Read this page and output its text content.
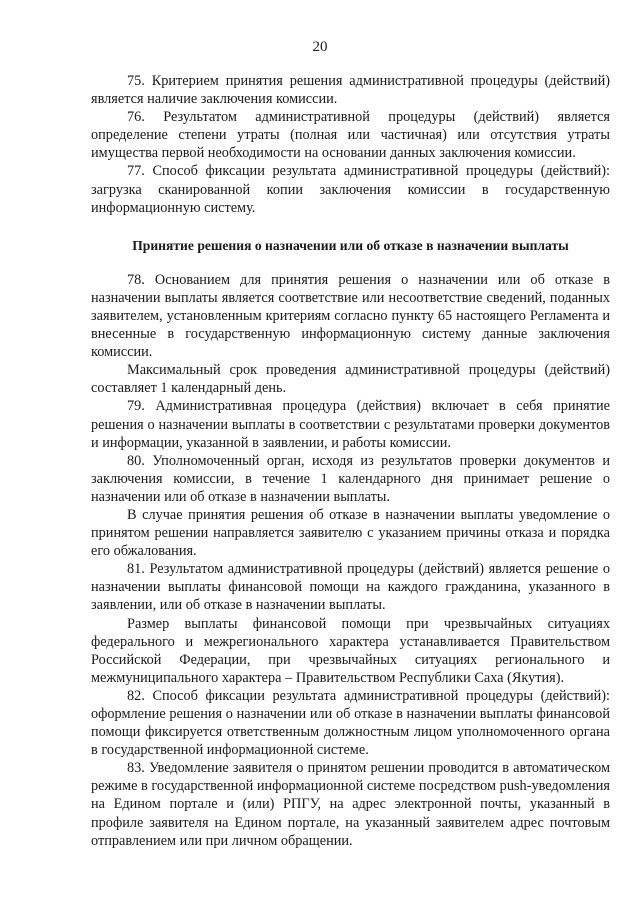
20

75. Критерием принятия решения административной процедуры (действий) является наличие заключения комиссии.

76. Результатом административной процедуры (действий) является определение степени утраты (полная или частичная) или отсутствия утраты имущества первой необходимости на основании данных заключения комиссии.

77. Способ фиксации результата административной процедуры (действий): загрузка сканированной копии заключения комиссии в государственную информационную систему.

Принятие решения о назначении или об отказе в назначении выплаты

78. Основанием для принятия решения о назначении или об отказе в назначении выплаты является соответствие или несоответствие сведений, поданных заявителем, установленным критериям согласно пункту 65 настоящего Регламента и внесенные в государственную информационную систему данные заключения комиссии.

Максимальный срок проведения административной процедуры (действий) составляет 1 календарный день.

79. Административная процедура (действия) включает в себя принятие решения о назначении выплаты в соответствии с результатами проверки документов и информации, указанной в заявлении, и работы комиссии.

80. Уполномоченный орган, исходя из результатов проверки документов и заключения комиссии, в течение 1 календарного дня принимает решение о назначении или об отказе в назначении выплаты.

В случае принятия решения об отказе в назначении выплаты уведомление о принятом решении направляется заявителю с указанием причины отказа и порядка его обжалования.

81. Результатом административной процедуры (действий) является решение о назначении выплаты финансовой помощи на каждого гражданина, указанного в заявлении, или об отказе в назначении выплаты.

Размер выплаты финансовой помощи при чрезвычайных ситуациях федерального и межрегионального характера устанавливается Правительством Российской Федерации, при чрезвычайных ситуациях регионального и межмуниципального характера – Правительством Республики Саха (Якутия).

82. Способ фиксации результата административной процедуры (действий): оформление решения о назначении или об отказе в назначении выплаты финансовой помощи фиксируется ответственным должностным лицом уполномоченного органа в государственной информационной системе.

83. Уведомление заявителя о принятом решении проводится в автоматическом режиме в государственной информационной системе посредством push-уведомления на Едином портале и (или) РПГУ, на адрес электронной почты, указанный в профиле заявителя на Едином портале, на указанный заявителем адрес почтовым отправлением или при личном обращении.
